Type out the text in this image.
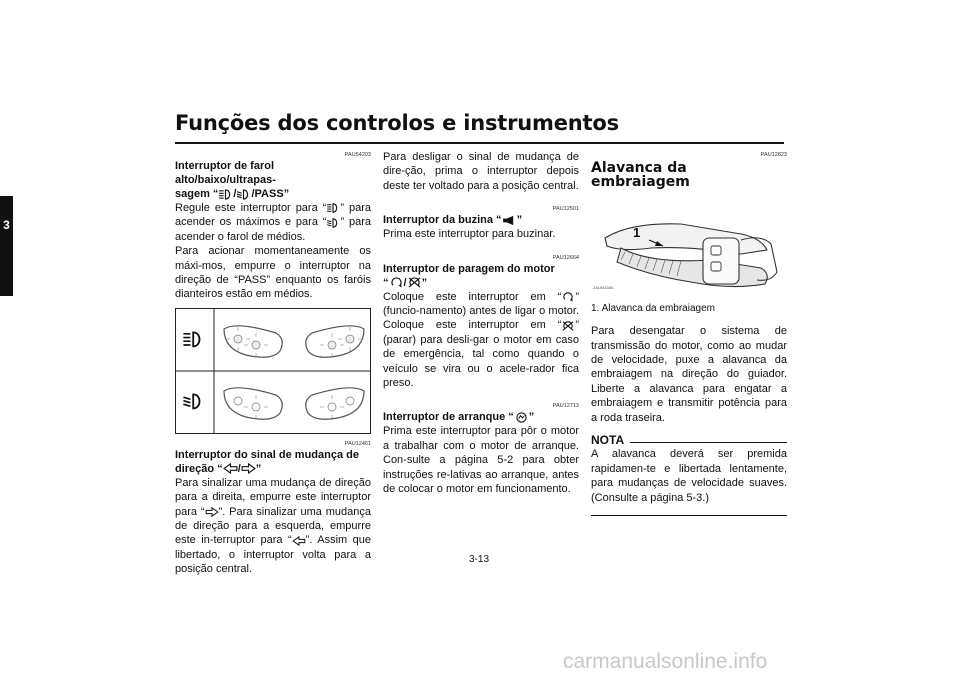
Funções dos controlos e instrumentos
3
PAU54203

Interruptor de farol alto/baixo/ultrapas-
sagem “ / /PASS”

Regule este interruptor para “ ” para acender os máximos e para “ ” para acender o farol de médios.

Para acionar momentaneamente os máxi-mos, empurre o interruptor na direção de “PASS” enquanto os faróis dianteiros estão em médios.

PAU12461

Interruptor do sinal de mudança de
direção “ / ”

Para sinalizar uma mudança de direção para a direita, empurre este interruptor para “ ”. Para sinalizar uma mudança de direção para a esquerda, empurre este in-terruptor para “ ”. Assim que libertado, o interruptor volta para a posição central.

Para desligar o sinal de mudança de dire-ção, prima o interruptor depois deste ter voltado para a posição central.

PAU12501

Interruptor da buzina “ ”

Prima este interruptor para buzinar.

PAU12664

Interruptor de paragem do motor
“ / ”

Coloque este interruptor em “ ” (funcio-namento) antes de ligar o motor. Coloque este interruptor em “ ” (parar) para desli-gar o motor em caso de emergência, tal como quando o veículo se vira ou o acele-rador fica preso.

PAU12713

Interruptor de arranque “ ”

Prima este interruptor para pôr o motor a trabalhar com o motor de arranque. Con-sulte a página 5-2 para obter instruções re-lativas ao arranque, antes de colocar o motor em funcionamento.

PAU12823
Alavanca da embraiagem
1
ZAUM1566

1. Alavanca da embraiagem

Para desengatar o sistema de transmissão do motor, como ao mudar de velocidade, puxe a alavanca da embraiagem na direção do guiador. Liberte a alavanca para engatar a embraiagem e transmitir potência para a roda traseira.

NOTA

A alavanca deverá ser premida rapidamen-te e libertada lentamente, para mudanças de velocidade suaves. (Consulte a página 5-3.)

3-13
carmanualsonline.info
